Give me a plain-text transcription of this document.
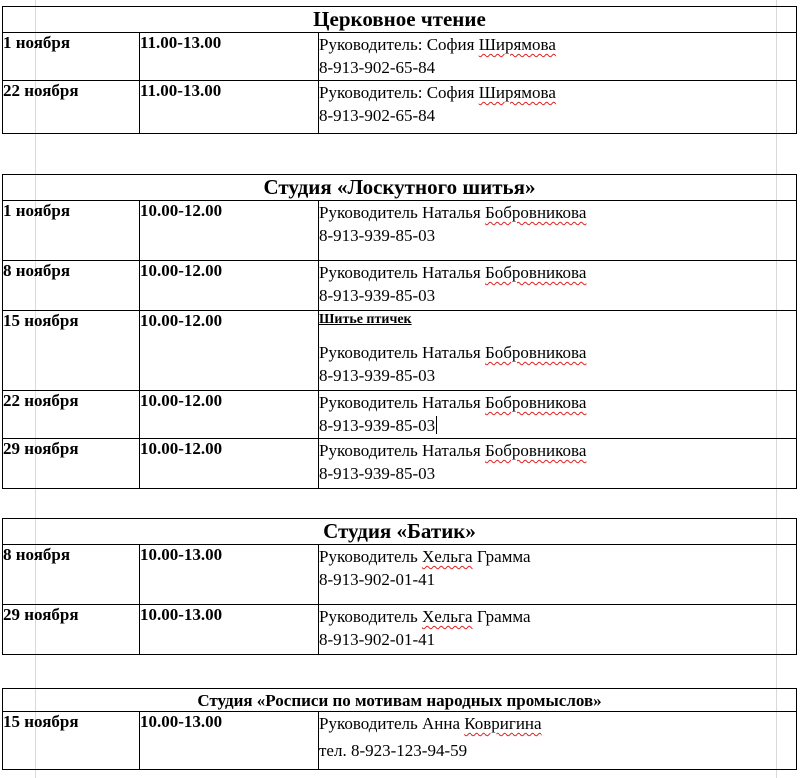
Церковное чтение		
1 ноября	11.00-13.00	Руководитель: София Ширямова
8-913-902-65-84

22 ноября	11.00-13.00	Руководитель: София Ширямова
8-913-902-65-84
Студия «Лоскутного шитья»		
1 ноября	10.00-12.00	Руководитель Наталья Бобровникова
8-913-939-85-03

8 ноября	10.00-12.00	Руководитель Наталья Бобровникова
8-913-939-85-03

15 ноября	10.00-12.00	Шитье птичек
Руководитель Наталья Бобровникова
8-913-939-85-03

22 ноября	10.00-12.00	Руководитель Наталья Бобровникова
8-913-939-85-03

29 ноября	10.00-12.00	Руководитель Наталья Бобровникова
8-913-939-85-03
Студия «Батик»		
8 ноября	10.00-13.00	Руководитель Хельга Грамма
8-913-902-01-41

29 ноября	10.00-13.00	Руководитель Хельга Грамма
8-913-902-01-41
Студия «Росписи по мотивам народных промыслов»
15 ноября	10.00-13.00	Руководитель Анна Ковригина
тел. 8-923-123-94-59
